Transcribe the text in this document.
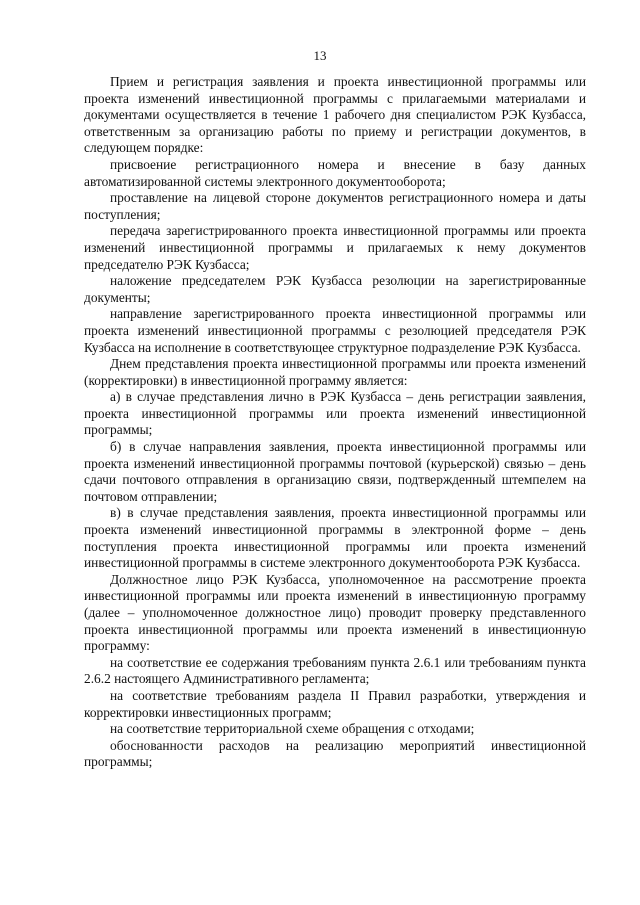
13

Прием и регистрация заявления и проекта инвестиционной программы или проекта изменений инвестиционной программы с прилагаемыми материалами и документами осуществляется в течение 1 рабочего дня специалистом РЭК Кузбасса, ответственным за организацию работы по приему и регистрации документов, в следующем порядке:

присвоение регистрационного номера и внесение в базу данных автоматизированной системы электронного документооборота;

проставление на лицевой стороне документов регистрационного номера и даты поступления;

передача зарегистрированного проекта инвестиционной программы или проекта изменений инвестиционной программы и прилагаемых к нему документов председателю РЭК Кузбасса;

наложение председателем РЭК Кузбасса резолюции на зарегистрированные документы;

направление зарегистрированного проекта инвестиционной программы или проекта изменений инвестиционной программы с резолюцией председателя РЭК Кузбасса на исполнение в соответствующее структурное подразделение РЭК Кузбасса.

Днем представления проекта инвестиционной программы или проекта изменений (корректировки) в инвестиционной программу является:

а) в случае представления лично в РЭК Кузбасса – день регистрации заявления, проекта инвестиционной программы или проекта изменений инвестиционной программы;

б) в случае направления заявления, проекта инвестиционной программы или проекта изменений инвестиционной программы почтовой (курьерской) связью – день сдачи почтового отправления в организацию связи, подтвержденный штемпелем на почтовом отправлении;

в) в случае представления заявления, проекта инвестиционной программы или проекта изменений инвестиционной программы в электронной форме – день поступления проекта инвестиционной программы или проекта изменений инвестиционной программы в системе электронного документооборота РЭК Кузбасса.

Должностное лицо РЭК Кузбасса, уполномоченное на рассмотрение проекта инвестиционной программы или проекта изменений в инвестиционную программу (далее – уполномоченное должностное лицо) проводит проверку представленного проекта инвестиционной программы или проекта изменений в инвестиционную программу:

на соответствие ее содержания требованиям пункта 2.6.1 или требованиям пункта 2.6.2 настоящего Административного регламента;

на соответствие требованиям раздела II Правил разработки, утверждения и корректировки инвестиционных программ;

на соответствие территориальной схеме обращения с отходами;

обоснованности расходов на реализацию мероприятий инвестиционной программы;
